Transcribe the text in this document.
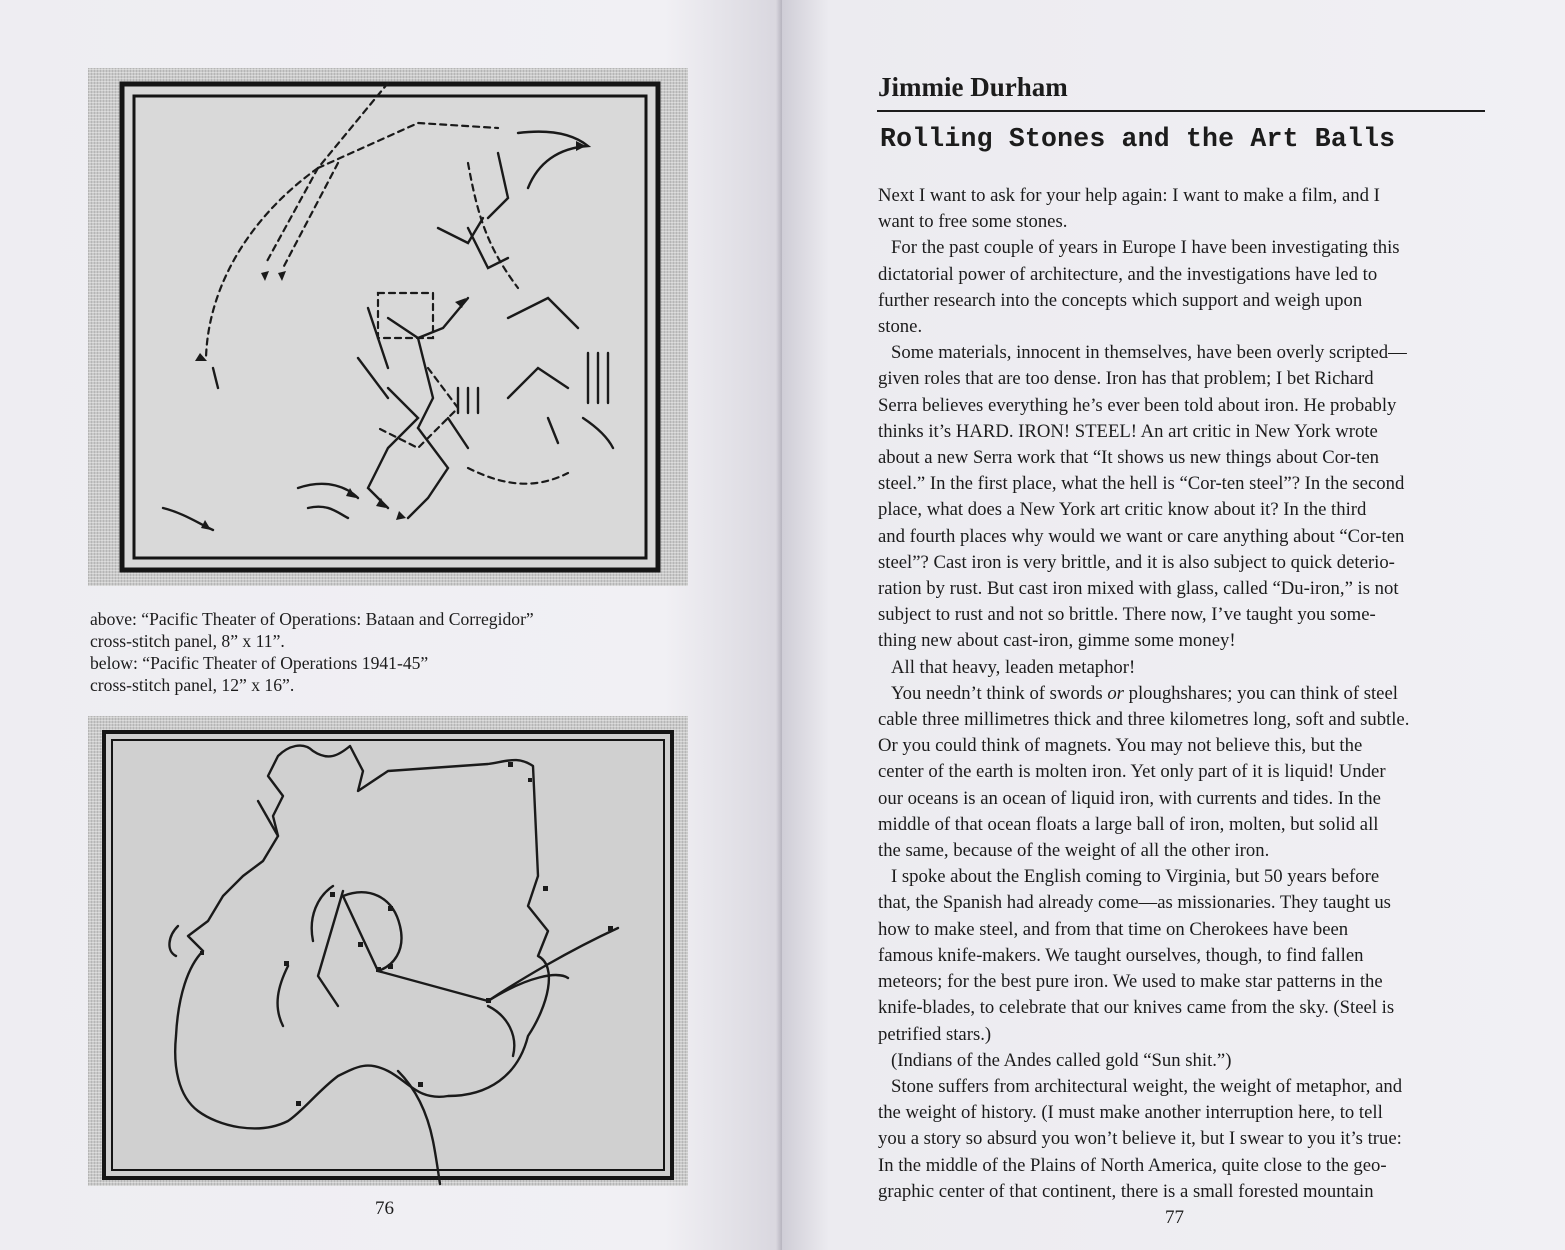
above: “Pacific Theater of Operations: Bataan and Corregidor”
cross-stitch panel, 8” x 11”.
below: “Pacific Theater of Operations 1941-45”
cross-stitch panel, 12” x 16”.
76
Jimmie Durham
Rolling Stones and the Art Balls
Next I want to ask for your help again: I want to make a film, and I
want to free some stones.
For the past couple of years in Europe I have been investigating this
dictatorial power of architecture, and the investigations have led to
further research into the concepts which support and weigh upon
stone.
Some materials, innocent in themselves, have been overly scripted—
given roles that are too dense. Iron has that problem; I bet Richard
Serra believes everything he’s ever been told about iron. He probably
thinks it’s HARD. IRON! STEEL! An art critic in New York wrote
about a new Serra work that “It shows us new things about Cor-ten
steel.” In the first place, what the hell is “Cor-ten steel”? In the second
place, what does a New York art critic know about it? In the third
and fourth places why would we want or care anything about “Cor-ten
steel”? Cast iron is very brittle, and it is also subject to quick deterio-
ration by rust. But cast iron mixed with glass, called “Du-iron,” is not
subject to rust and not so brittle. There now, I’ve taught you some-
thing new about cast-iron, gimme some money!
All that heavy, leaden metaphor!
You needn’t think of swords or ploughshares; you can think of steel
cable three millimetres thick and three kilometres long, soft and subtle.
Or you could think of magnets. You may not believe this, but the
center of the earth is molten iron. Yet only part of it is liquid! Under
our oceans is an ocean of liquid iron, with currents and tides. In the
middle of that ocean floats a large ball of iron, molten, but solid all
the same, because of the weight of all the other iron.
I spoke about the English coming to Virginia, but 50 years before
that, the Spanish had already come—as missionaries. They taught us
how to make steel, and from that time on Cherokees have been
famous knife-makers. We taught ourselves, though, to find fallen
meteors; for the best pure iron. We used to make star patterns in the
knife-blades, to celebrate that our knives came from the sky. (Steel is
petrified stars.)
(Indians of the Andes called gold “Sun shit.”)
Stone suffers from architectural weight, the weight of metaphor, and
the weight of history. (I must make another interruption here, to tell
you a story so absurd you won’t believe it, but I swear to you it’s true:
In the middle of the Plains of North America, quite close to the geo-
graphic center of that continent, there is a small forested mountain
77
